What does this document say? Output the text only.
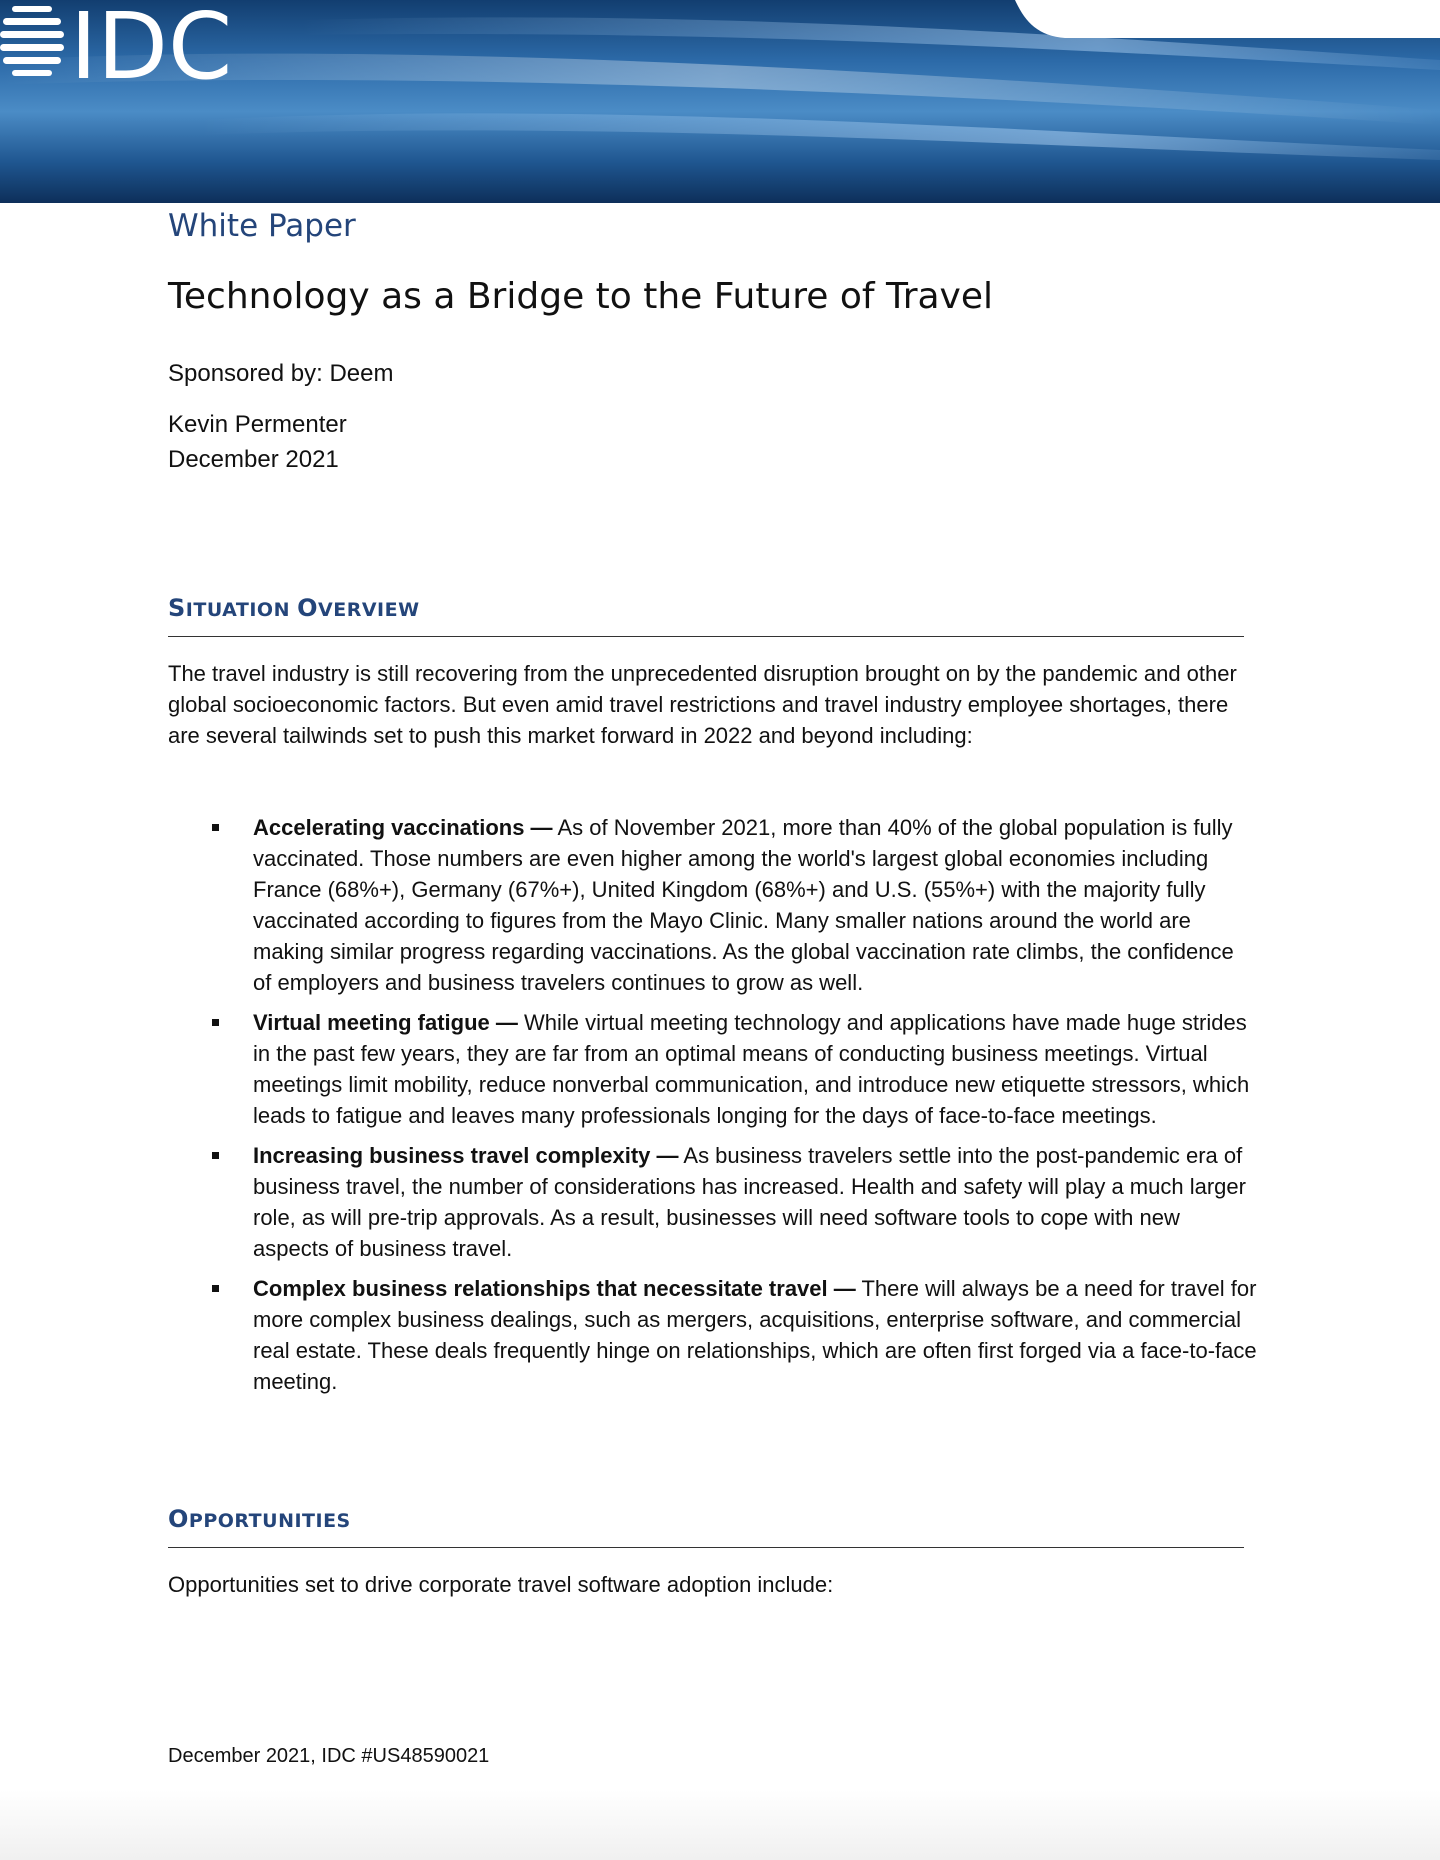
IDC
White Paper
Technology as a Bridge to the Future of Travel
Sponsored by: Deem
Kevin Permenter
December 2021
SITUATION OVERVIEW

The travel industry is still recovering from the unprecedented disruption brought on by the pandemic and other global socioeconomic factors. But even amid travel restrictions and travel industry employee shortages, there are several tailwinds set to push this market forward in 2022 and beyond including:

Accelerating vaccinations — As of November 2021, more than 40% of the global population is fully vaccinated. Those numbers are even higher among the world's largest global economies including France (68%+), Germany (67%+), United Kingdom (68%+) and U.S. (55%+) with the majority fully vaccinated according to figures from the Mayo Clinic. Many smaller nations around the world are making similar progress regarding vaccinations. As the global vaccination rate climbs, the confidence of employers and business travelers continues to grow as well.
Virtual meeting fatigue — While virtual meeting technology and applications have made huge strides in the past few years, they are far from an optimal means of conducting business meetings. Virtual meetings limit mobility, reduce nonverbal communication, and introduce new etiquette stressors, which leads to fatigue and leaves many professionals longing for the days of face-to-face meetings.
Increasing business travel complexity — As business travelers settle into the post-pandemic era of business travel, the number of considerations has increased. Health and safety will play a much larger role, as will pre-trip approvals. As a result, businesses will need software tools to cope with new aspects of business travel.
Complex business relationships that necessitate travel — There will always be a need for travel for more complex business dealings, such as mergers, acquisitions, enterprise software, and commercial real estate. These deals frequently hinge on relationships, which are often first forged via a face-to-face meeting.
OPPORTUNITIES

Opportunities set to drive corporate travel software adoption include:

December 2021, IDC #US48590021
